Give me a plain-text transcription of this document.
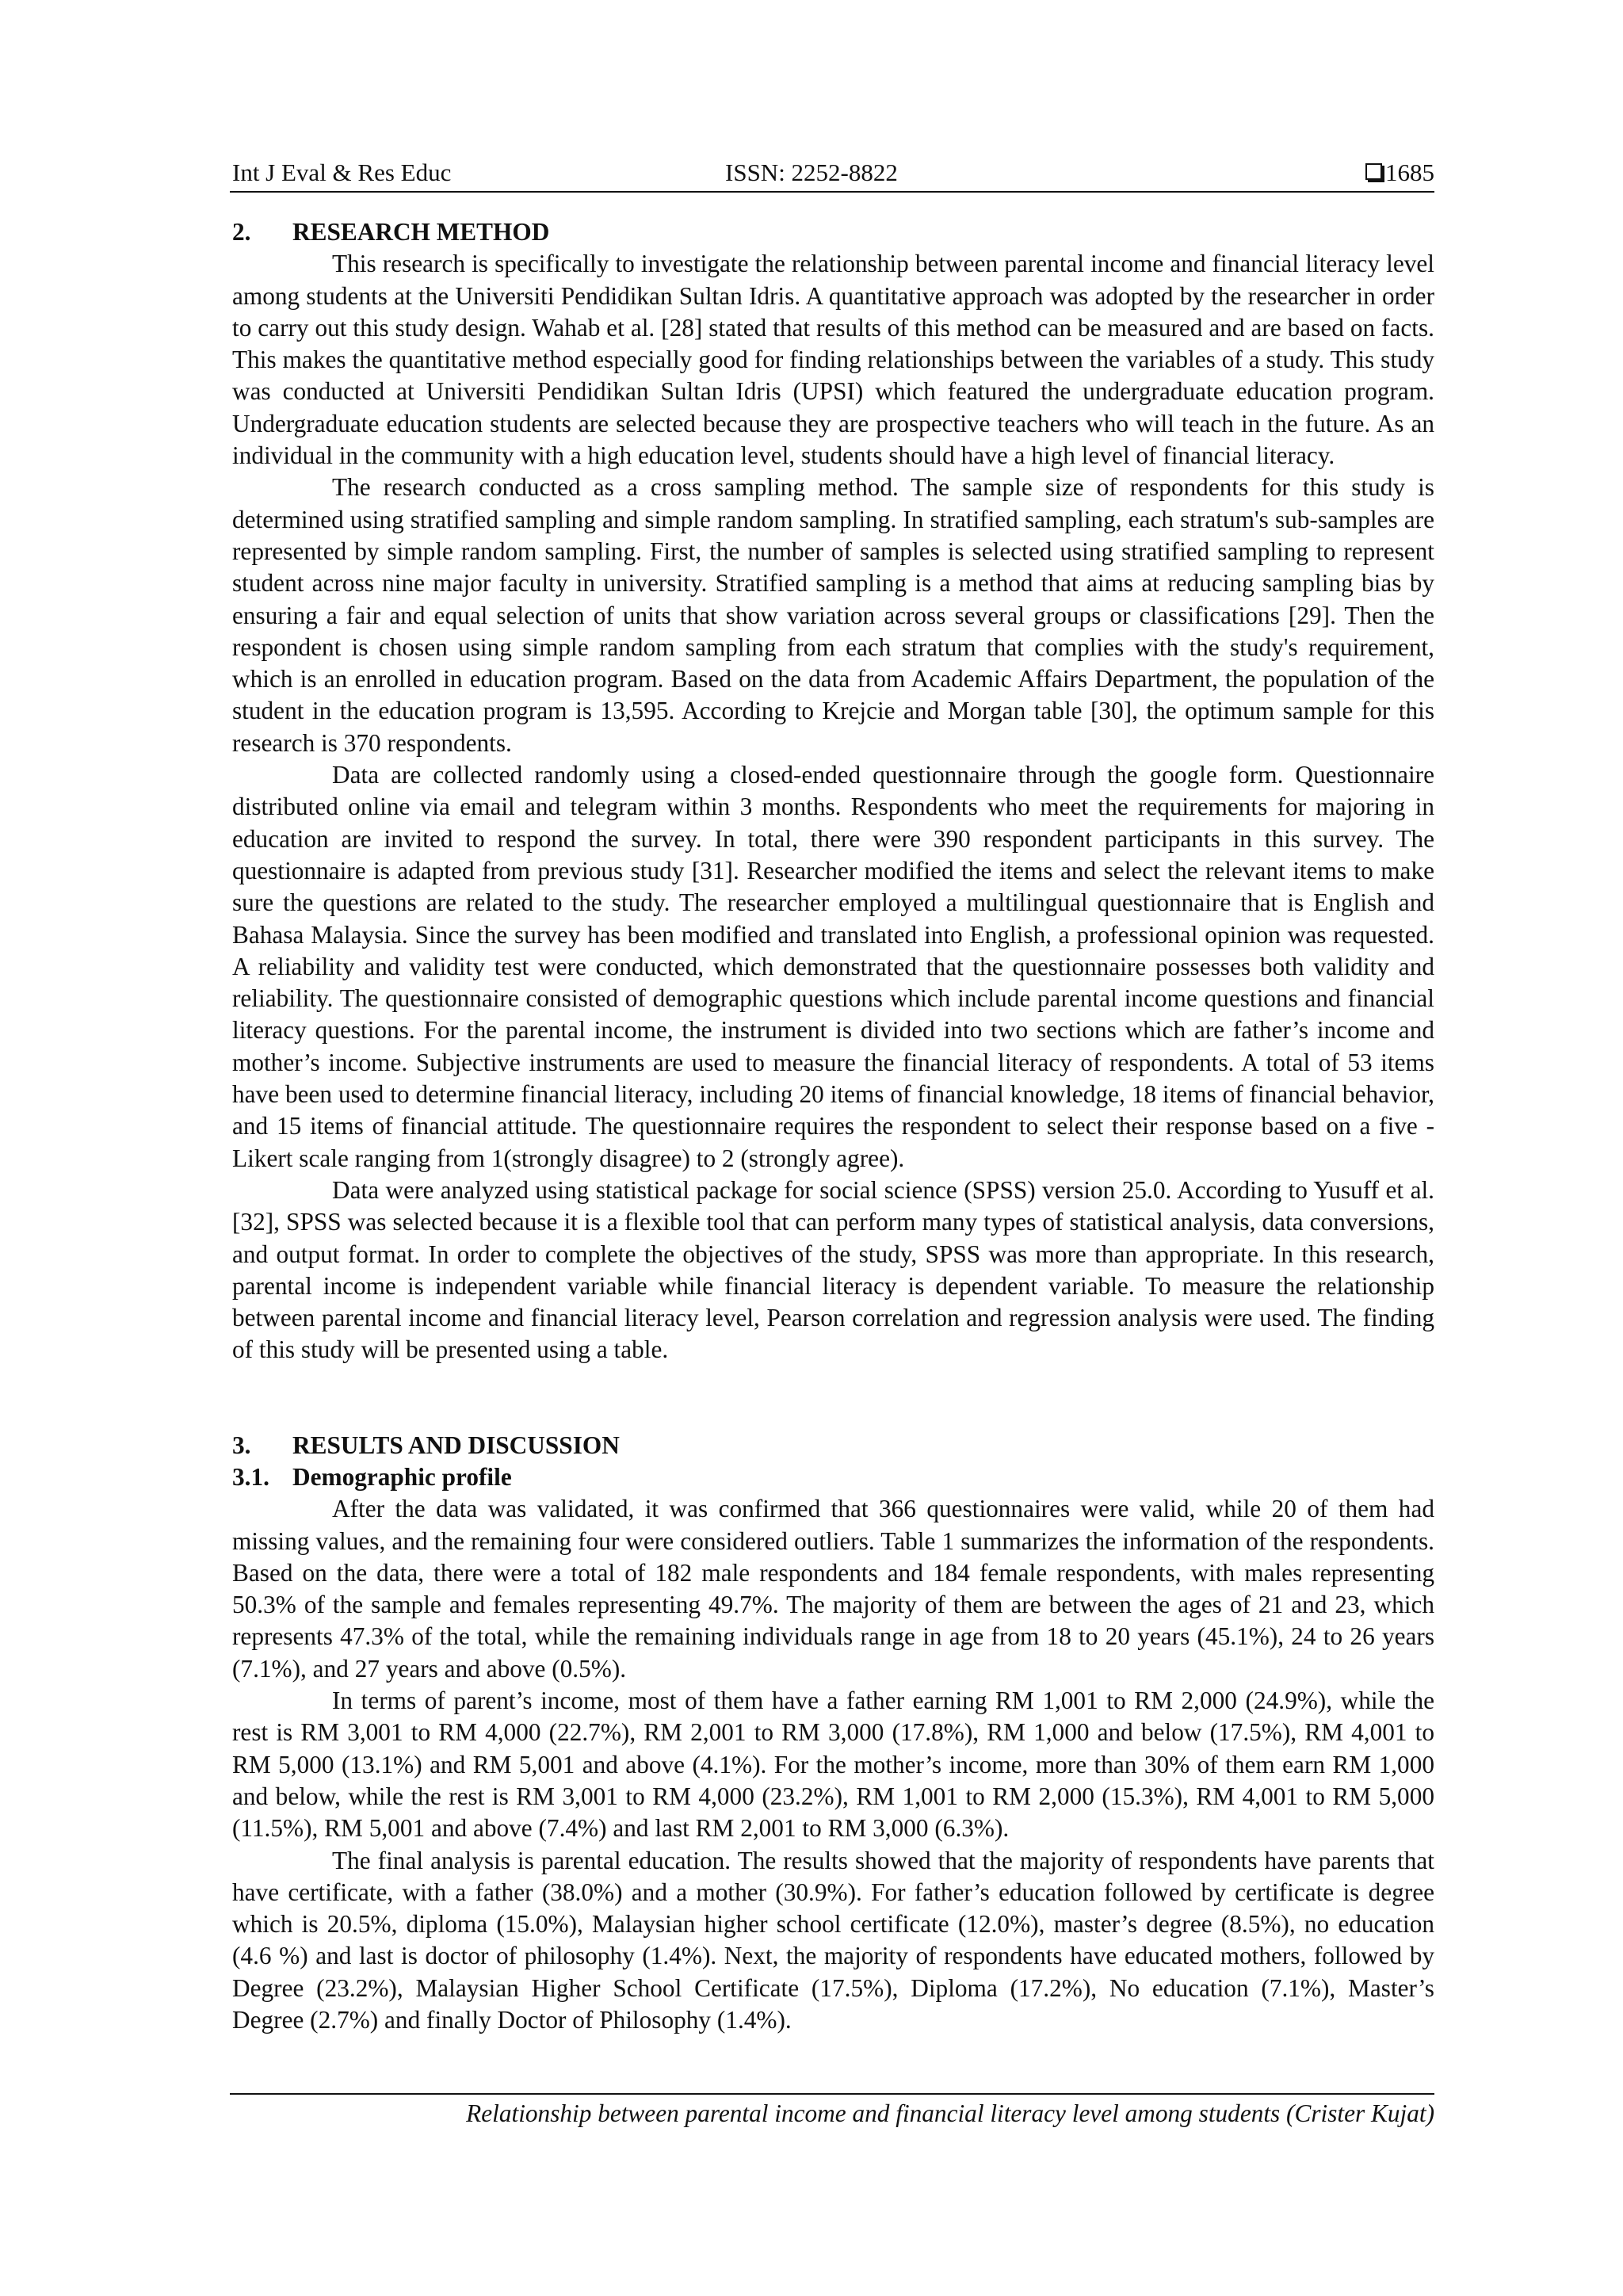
Int J Eval & Res Educ	ISSN: 2252-8822	1685
2. RESEARCH METHOD

This research is specifically to investigate the relationship between parental income and financial literacy level among students at the Universiti Pendidikan Sultan Idris. A quantitative approach was adopted by the researcher in order to carry out this study design. Wahab et al. [28] stated that results of this method can be measured and are based on facts. This makes the quantitative method especially good for finding relationships between the variables of a study. This study was conducted at Universiti Pendidikan Sultan Idris (UPSI) which featured the undergraduate education program. Undergraduate education students are selected because they are prospective teachers who will teach in the future. As an individual in the community with a high education level, students should have a high level of financial literacy.

The research conducted as a cross sampling method. The sample size of respondents for this study is determined using stratified sampling and simple random sampling. In stratified sampling, each stratum's sub-samples are represented by simple random sampling. First, the number of samples is selected using stratified sampling to represent student across nine major faculty in university. Stratified sampling is a method that aims at reducing sampling bias by ensuring a fair and equal selection of units that show variation across several groups or classifications [29]. Then the respondent is chosen using simple random sampling from each stratum that complies with the study's requirement, which is an enrolled in education program. Based on the data from Academic Affairs Department, the population of the student in the education program is 13,595. According to Krejcie and Morgan table [30], the optimum sample for this research is 370 respondents.

Data are collected randomly using a closed-ended questionnaire through the google form. Questionnaire distributed online via email and telegram within 3 months. Respondents who meet the requirements for majoring in education are invited to respond the survey. In total, there were 390 respondent participants in this survey. The questionnaire is adapted from previous study [31]. Researcher modified the items and select the relevant items to make sure the questions are related to the study. The researcher employed a multilingual questionnaire that is English and Bahasa Malaysia. Since the survey has been modified and translated into English, a professional opinion was requested. A reliability and validity test were conducted, which demonstrated that the questionnaire possesses both validity and reliability. The questionnaire consisted of demographic questions which include parental income questions and financial literacy questions. For the parental income, the instrument is divided into two sections which are father’s income and mother’s income. Subjective instruments are used to measure the financial literacy of respondents. A total of 53 items have been used to determine financial literacy, including 20 items of financial knowledge, 18 items of financial behavior, and 15 items of financial attitude. The questionnaire requires the respondent to select their response based on a five - Likert scale ranging from 1(strongly disagree) to 2 (strongly agree).

Data were analyzed using statistical package for social science (SPSS) version 25.0. According to Yusuff et al. [32], SPSS was selected because it is a flexible tool that can perform many types of statistical analysis, data conversions, and output format. In order to complete the objectives of the study, SPSS was more than appropriate. In this research, parental income is independent variable while financial literacy is dependent variable. To measure the relationship between parental income and financial literacy level, Pearson correlation and regression analysis were used. The finding of this study will be presented using a table.

3. RESULTS AND DISCUSSION
3.1. Demographic profile

After the data was validated, it was confirmed that 366 questionnaires were valid, while 20 of them had missing values, and the remaining four were considered outliers. Table 1 summarizes the information of the respondents. Based on the data, there were a total of 182 male respondents and 184 female respondents, with males representing 50.3% of the sample and females representing 49.7%. The majority of them are between the ages of 21 and 23, which represents 47.3% of the total, while the remaining individuals range in age from 18 to 20 years (45.1%), 24 to 26 years (7.1%), and 27 years and above (0.5%).

In terms of parent’s income, most of them have a father earning RM 1,001 to RM 2,000 (24.9%), while the rest is RM 3,001 to RM 4,000 (22.7%), RM 2,001 to RM 3,000 (17.8%), RM 1,000 and below (17.5%), RM 4,001 to RM 5,000 (13.1%) and RM 5,001 and above (4.1%). For the mother’s income, more than 30% of them earn RM 1,000 and below, while the rest is RM 3,001 to RM 4,000 (23.2%), RM 1,001 to RM 2,000 (15.3%), RM 4,001 to RM 5,000 (11.5%), RM 5,001 and above (7.4%) and last RM 2,001 to RM 3,000 (6.3%).

The final analysis is parental education. The results showed that the majority of respondents have parents that have certificate, with a father (38.0%) and a mother (30.9%). For father’s education followed by certificate is degree which is 20.5%, diploma (15.0%), Malaysian higher school certificate (12.0%), master’s degree (8.5%), no education (4.6 %) and last is doctor of philosophy (1.4%). Next, the majority of respondents have educated mothers, followed by Degree (23.2%), Malaysian Higher School Certificate (17.5%), Diploma (17.2%), No education (7.1%), Master’s Degree (2.7%) and finally Doctor of Philosophy (1.4%).

Relationship between parental income and financial literacy level among students (Crister Kujat)
